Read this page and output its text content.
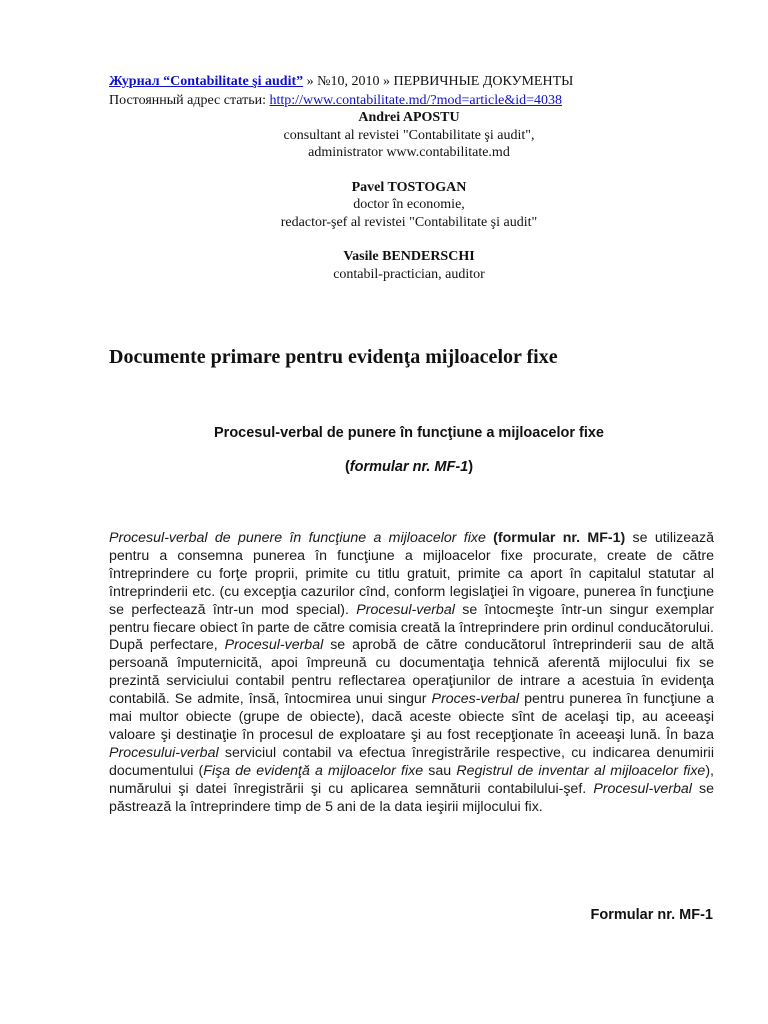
Журнал “Contabilitate şi audit” » №10, 2010 » ПЕРВИЧНЫЕ ДОКУМЕНТЫ
Постоянный адрес статьи: http://www.contabilitate.md/?mod=article&id=4038
Andrei APOSTU
consultant al revistei "Contabilitate şi audit",
administrator www.contabilitate.md
Pavel TOSTOGAN
doctor în economie,
redactor-şef al revistei "Contabilitate şi audit"
Vasile BENDERSCHI
contabil-practician, auditor
Documente primare pentru evidenţa mijloacelor fixe
Procesul-verbal de punere în funcţiune a mijloacelor fixe
(formular nr. MF-1)
Procesul-verbal de punere în funcţiune a mijloacelor fixe (formular nr. MF-1) se utilizează pentru a consemna punerea în funcţiune a mijloacelor fixe procurate, create de către întreprindere cu forţe proprii, primite cu titlu gratuit, primite ca aport în capitalul statutar al întreprinderii etc. (cu excepţia cazurilor cînd, conform legislaţiei în vigoare, punerea în funcţiune se perfectează într-un mod special). Procesul-verbal se întocmeşte într-un singur exemplar pentru fiecare obiect în parte de către comisia creată la întreprindere prin ordinul conducătorului. După perfectare, Procesul-verbal se aprobă de către conducătorul întreprinderii sau de altă persoană împuternicită, apoi împreună cu documentaţia tehnică aferentă mijlocului fix se prezintă serviciului contabil pentru reflectarea operaţiunilor de intrare a acestuia în evidenţa contabilă. Se admite, însă, întocmirea unui singur Proces-verbal pentru punerea în funcţiune a mai multor obiecte (grupe de obiecte), dacă aceste obiecte sînt de acelaşi tip, au aceeaşi valoare şi destinaţie în procesul de exploatare şi au fost recepţionate în aceeaşi lună. În baza Procesului-verbal serviciul contabil va efectua înregistrările respective, cu indicarea denumirii documentului (Fişa de evidenţă a mijloacelor fixe sau Registrul de inventar al mijloacelor fixe), numărului şi datei înregistrării şi cu aplicarea semnăturii contabilului-şef. Procesul-verbal se păstrează la întreprindere timp de 5 ani de la data ieşirii mijlocului fix.
Formular nr. MF-1
